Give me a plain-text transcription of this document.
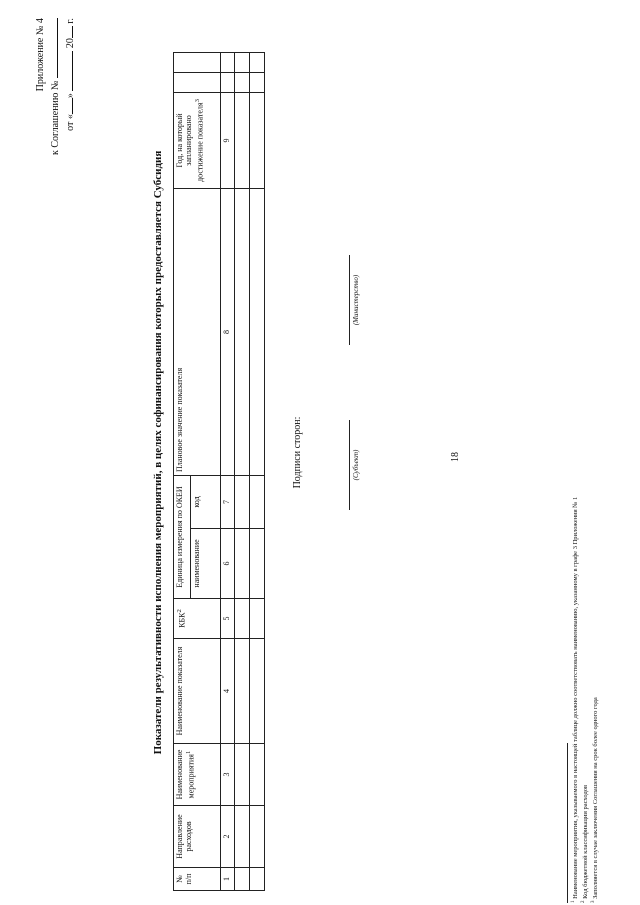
18
Приложение № 4
к Соглашению № от «»  20 г.
Показатели результативности исполнения мероприятий, в целях софинансирования которых предоставляется Субсидия
№ п/п	Направление расходов	Наименование мероприятия$^1$	Наименование показателя	КБК$^2$	Единица измерения по ОКЕИ		Плановое значение показателя	Год, на который запланировано достижение показателя$^3$		
					наименование	код				
1	2	3	4	5	6	7	8	9		

Подписи сторон:	(Субъект)
(Министерство)
$^1$ Наименование мероприятия, указываемого в настоящей таблице должно соответствовать наименованию, указанному в графе 3 Приложения № 1
$^2$ Код бюджетной классификации расходов
$^3$ Заполняется в случае заключения Соглашения на срок более одного года
